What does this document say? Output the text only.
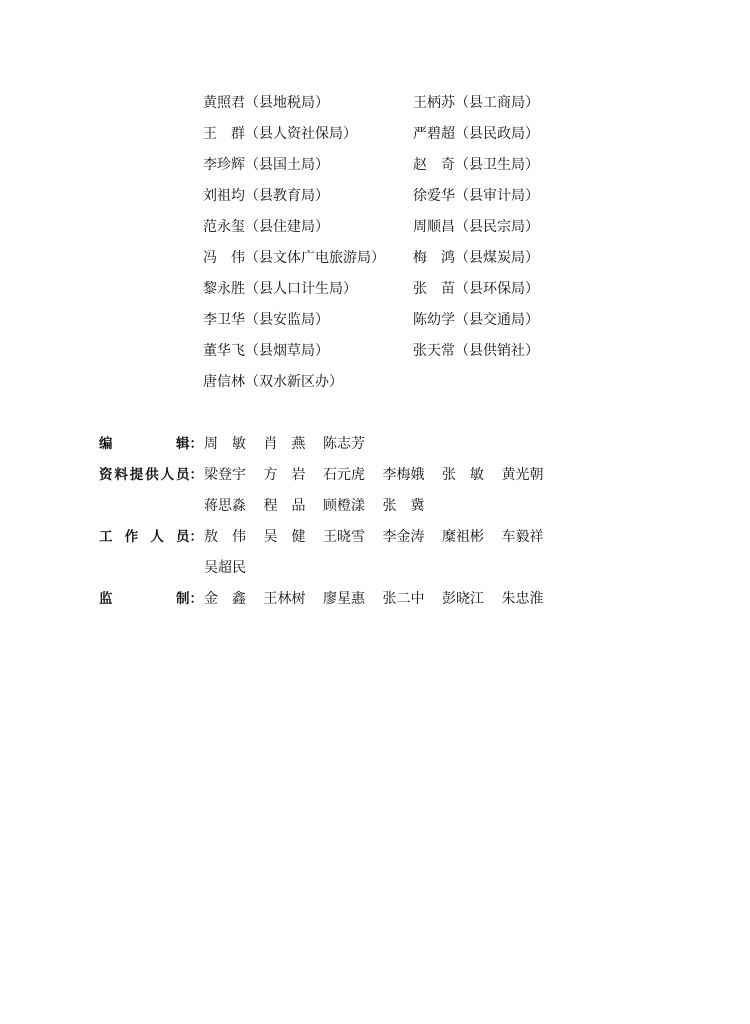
黄照君（县地税局）	王柄苏（县工商局）
王　群（县人资社保局）	严碧超（县民政局）
李珍辉（县国土局）	赵　奇（县卫生局）
刘祖均（县教育局）	徐爱华（县审计局）
范永玺（县住建局）	周顺昌（县民宗局）
冯　伟（县文体广电旅游局） 梅　鸿（县煤炭局）
黎永胜（县人口计生局）	张　苗（县环保局）
李卫华（县安监局）	陈幼学（县交通局）
董华飞（县烟草局）	张天常（县供销社）
唐信林（双水新区办）
编	辑： 周　敏 肖　燕 陈志芳
资 料 提 供 人 员： 梁登宇 方　岩 石元虎 李梅娥 张　敏 黄光朝
蒋思淼 程　品 顾橙漾 张　冀
工 作 人 员： 敖　伟 吴　健 王晓雪 李金涛 糜祖彬 车毅祥
吴超民
监	制： 金　鑫 王林树 廖星惠 张二中 彭晓江 朱忠淮
